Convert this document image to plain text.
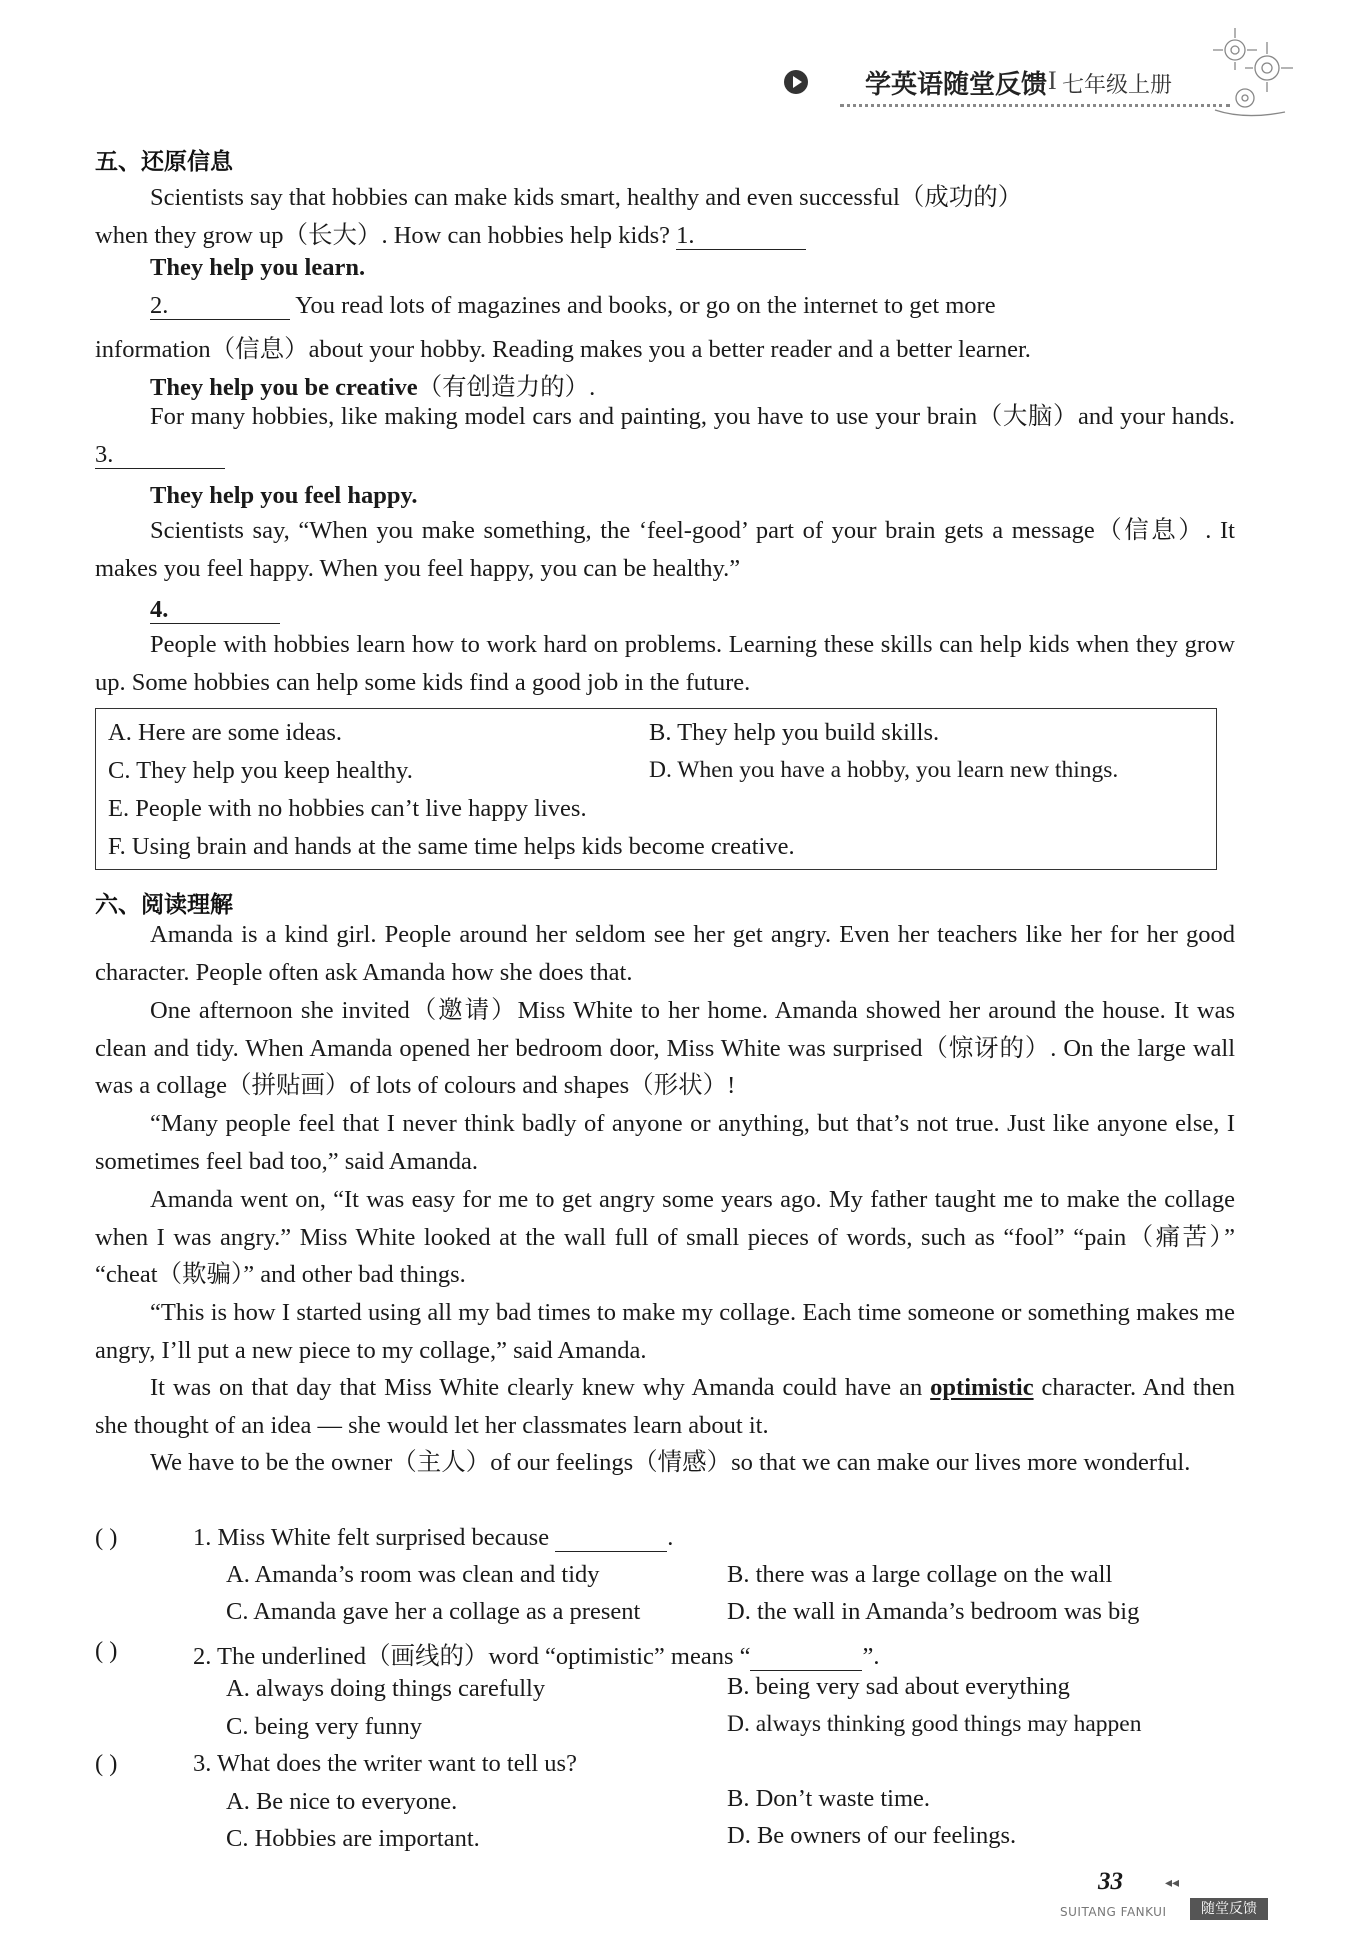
学英语随堂反馈 I 七年级上册
五、还原信息
Scientists say that hobbies can make kids smart, healthy and even successful（成功的）
when they grow up（长大）. How can hobbies help kids? 1.
They help you learn.
2.	You read lots of magazines and books, or go on the internet to get more
information（信息）about your hobby. Reading makes you a better reader and a better learner.
They help you be creative（有创造力的）.
For many hobbies, like making model cars and painting, you have to use your brain（大脑）and your hands. 3.
They help you feel happy.
Scientists say, “When you make something, the ‘feel-good’ part of your brain gets a message（信息）. It makes you feel happy. When you feel happy, you can be healthy.”
4.
People with hobbies learn how to work hard on problems. Learning these skills can help kids when they grow up. Some hobbies can help some kids find a good job in the future.
A. Here are some ideas.	B. They help you build skills.
C. They help you keep healthy.	D. When you have a hobby, you learn new things.
E. People with no hobbies can’t live happy lives.
F. Using brain and hands at the same time helps kids become creative.
六、阅读理解
Amanda is a kind girl. People around her seldom see her get angry. Even her teachers like her for her good character. People often ask Amanda how she does that.
One afternoon she invited（邀请）Miss White to her home. Amanda showed her around the house. It was clean and tidy. When Amanda opened her bedroom door, Miss White was surprised（惊讶的）. On the large wall was a collage（拼贴画）of lots of colours and shapes（形状）!
“Many people feel that I never think badly of anyone or anything, but that’s not true. Just like anyone else, I sometimes feel bad too,” said Amanda.
Amanda went on, “It was easy for me to get angry some years ago. My father taught me to make the collage when I was angry.” Miss White looked at the wall full of small pieces of words, such as “fool” “pain（痛苦）” “cheat（欺骗）” and other bad things.
“This is how I started using all my bad times to make my collage. Each time someone or something makes me angry, I’ll put a new piece to my collage,” said Amanda.
It was on that day that Miss White clearly knew why Amanda could have an optimistic character. And then she thought of an idea — she would let her classmates learn about it.
We have to be the owner（主人）of our feelings（情感）so that we can make our lives more wonderful.
( )	1. Miss White felt surprised because	.
A. Amanda’s room was clean and tidy	B. there was a large collage on the wall
C. Amanda gave her a collage as a present	D. the wall in Amanda’s bedroom was big
( )	2. The underlined（画线的）word “optimistic” means “	”.
A. always doing things carefully	B. being very sad about everything
C. being very funny	D. always thinking good things may happen
( )	3. What does the writer want to tell us?
A. Be nice to everyone.	B. Don’t waste time.
C. Hobbies are important.	D. Be owners of our feelings.
33	◂◂
SUITANG FANKUI	随堂反馈
